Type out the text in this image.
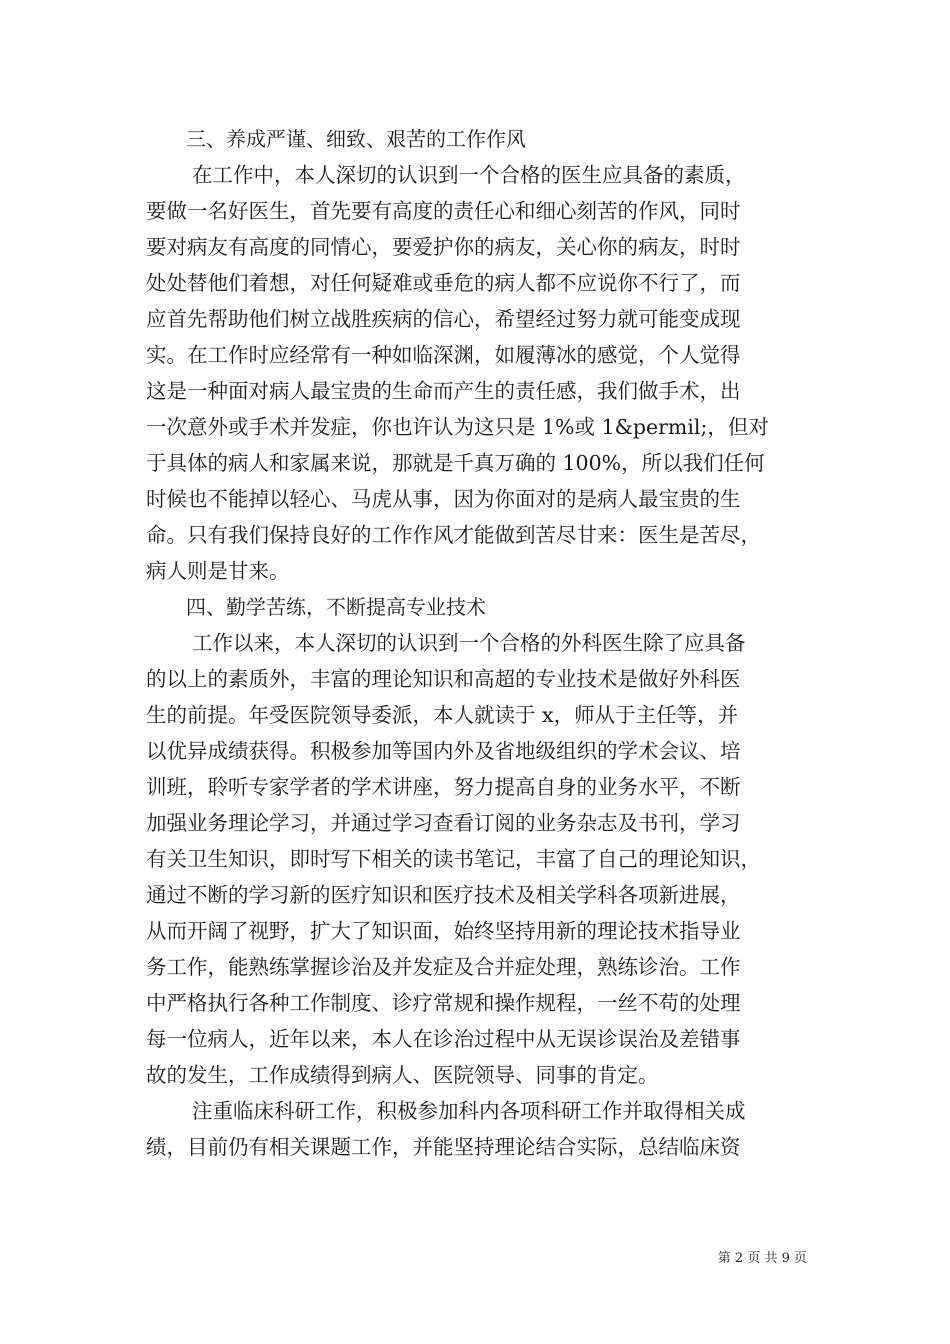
三、养成严谨、细致、艰苦的工作作风

在工作中，本人深切的认识到一个合格的医生应具备的素质，
要做一名好医生，首先要有高度的责任心和细心刻苦的作风，同时
要对病友有高度的同情心，要爱护你的病友，关心你的病友，时时
处处替他们着想，对任何疑难或垂危的病人都不应说你不行了，而
应首先帮助他们树立战胜疾病的信心，希望经过努力就可能变成现
实。在工作时应经常有一种如临深渊，如履薄冰的感觉，个人觉得
这是一种面对病人最宝贵的生命而产生的责任感，我们做手术，出
一次意外或手术并发症，你也许认为这只是 1%或 1&permil;，但对
于具体的病人和家属来说，那就是千真万确的 100%，所以我们任何
时候也不能掉以轻心、马虎从事，因为你面对的是病人最宝贵的生
命。只有我们保持良好的工作作风才能做到苦尽甘来：医生是苦尽，
病人则是甘来。

四、勤学苦练，不断提高专业技术

工作以来，本人深切的认识到一个合格的外科医生除了应具备
的以上的素质外，丰富的理论知识和高超的专业技术是做好外科医
生的前提。年受医院领导委派，本人就读于 x，师从于主任等，并
以优异成绩获得。积极参加等国内外及省地级组织的学术会议、培
训班，聆听专家学者的学术讲座，努力提高自身的业务水平，不断
加强业务理论学习，并通过学习查看订阅的业务杂志及书刊，学习
有关卫生知识，即时写下相关的读书笔记，丰富了自己的理论知识，
通过不断的学习新的医疗知识和医疗技术及相关学科各项新进展，
从而开阔了视野，扩大了知识面，始终坚持用新的理论技术指导业
务工作，能熟练掌握诊治及并发症及合并症处理，熟练诊治。工作
中严格执行各种工作制度、诊疗常规和操作规程，一丝不苟的处理
每一位病人，近年以来，本人在诊治过程中从无误诊误治及差错事
故的发生，工作成绩得到病人、医院领导、同事的肯定。
注重临床科研工作，积极参加科内各项科研工作并取得相关成
绩，目前仍有相关课题工作，并能坚持理论结合实际，总结临床资
第 2 页 共 9 页
